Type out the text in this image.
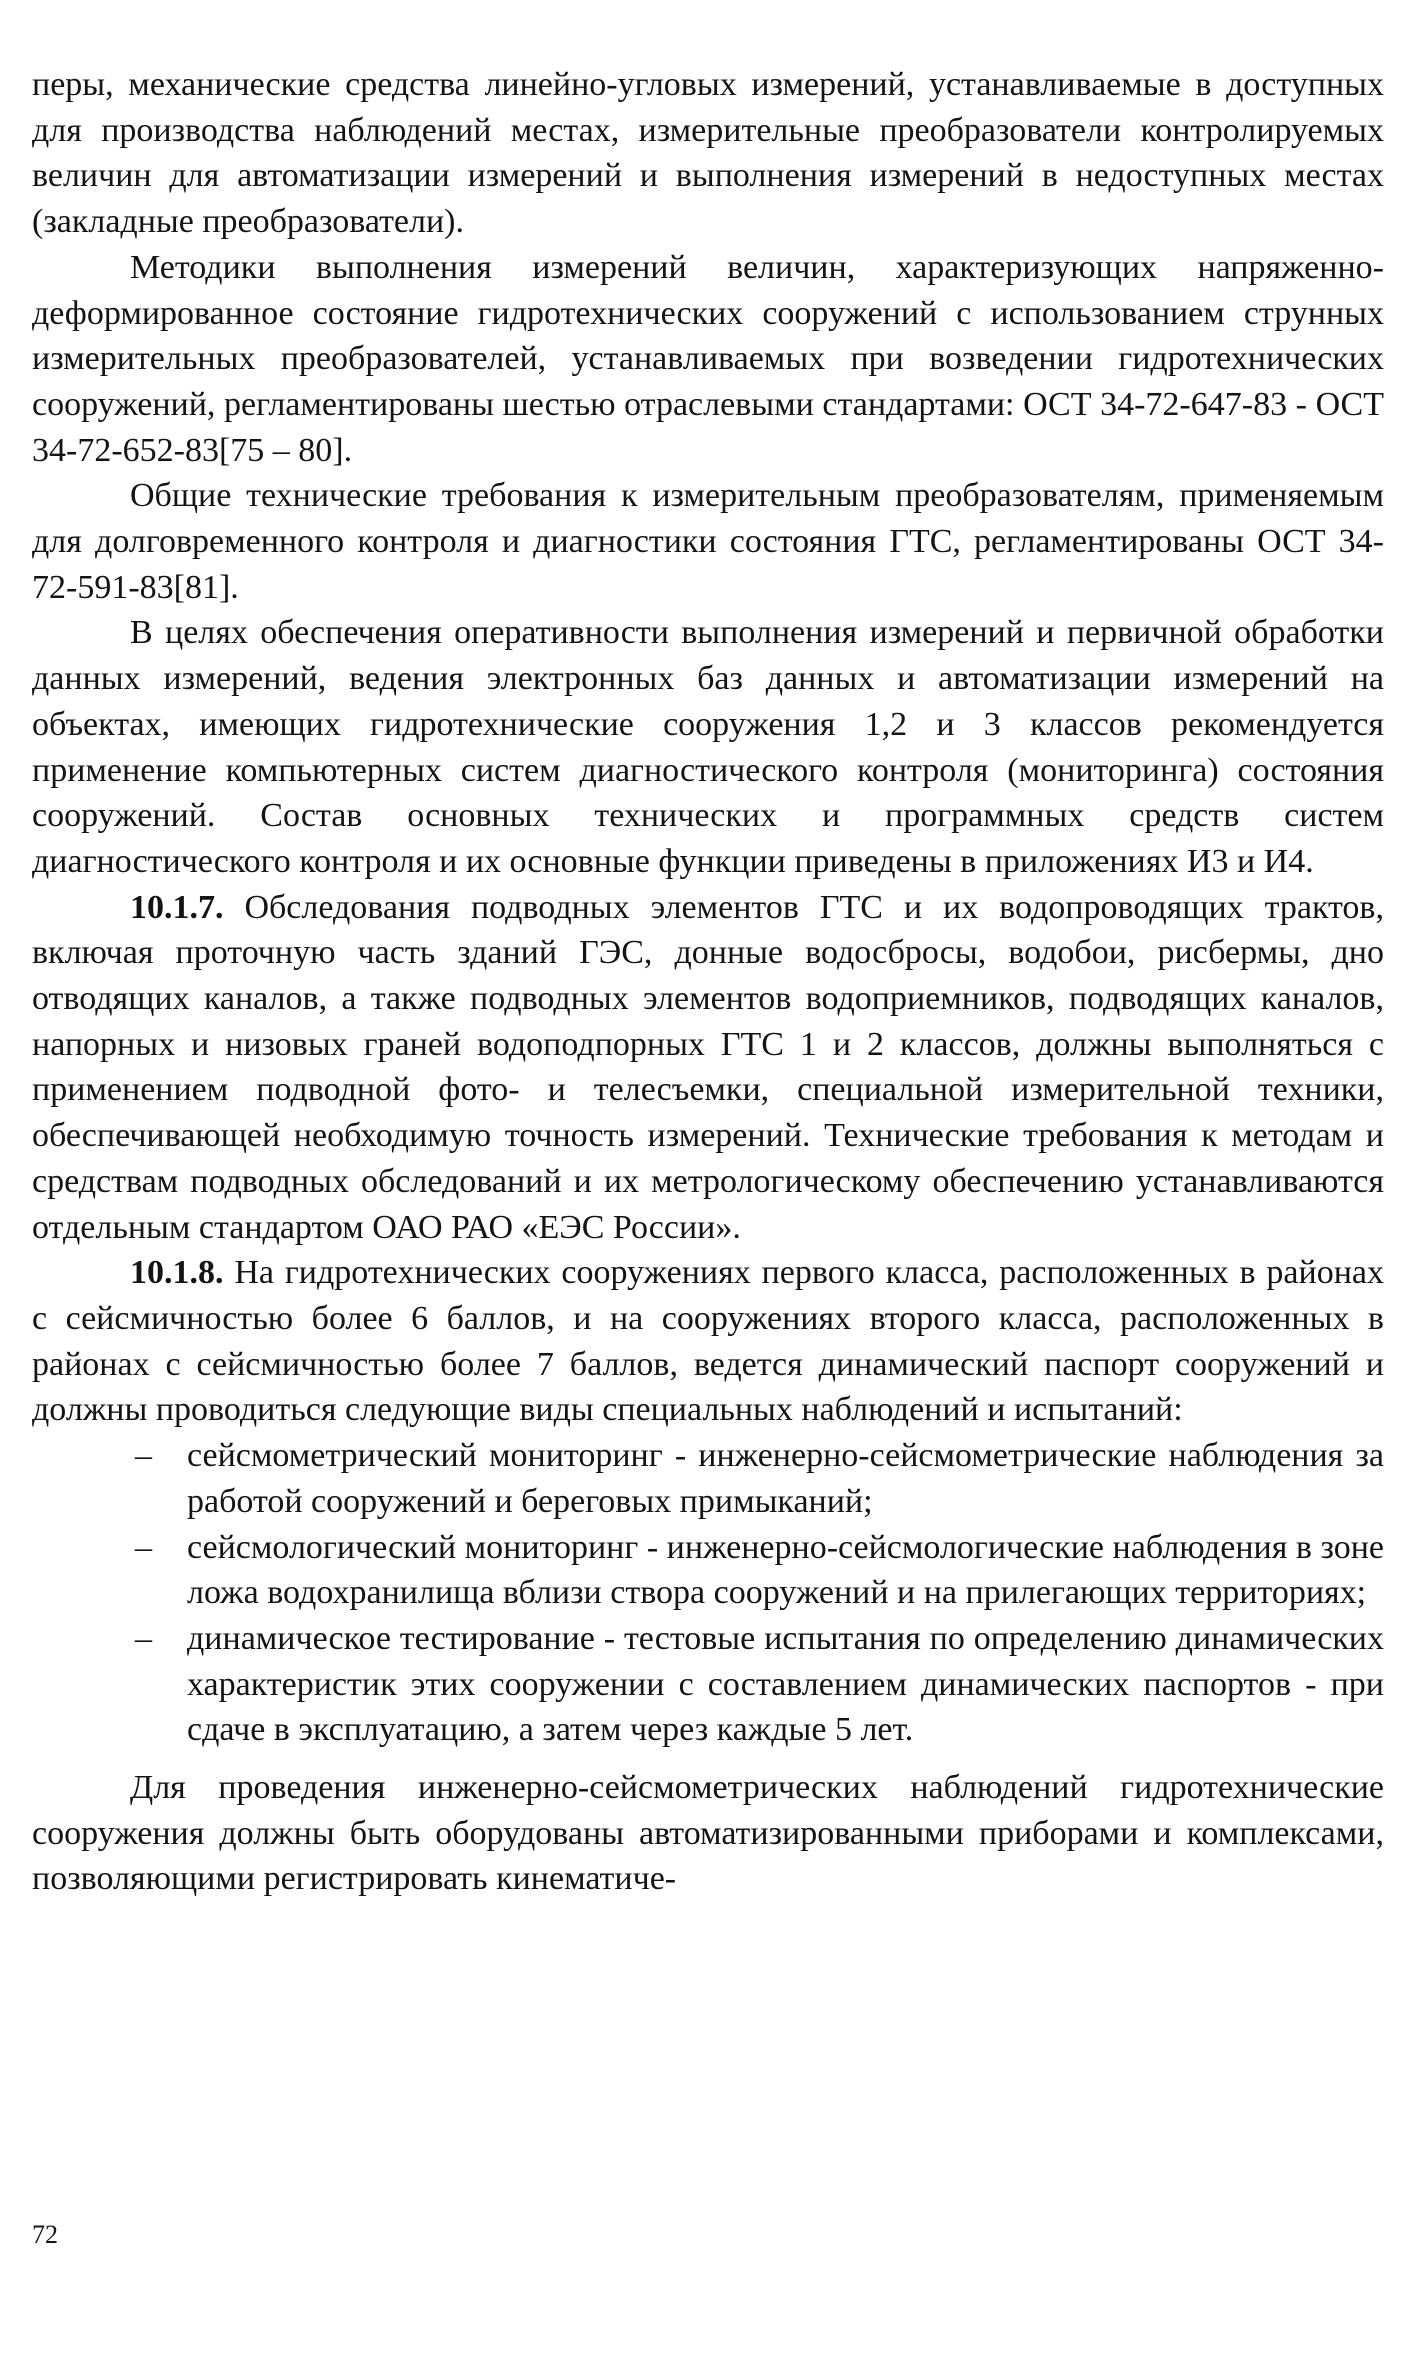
перы, механические средства линейно-угловых измерений, устанавливаемые в доступных для производства наблюдений местах, измерительные преобразователи контролируемых величин для автоматизации измерений и выполнения измерений в недоступных местах (закладные преобразователи).

Методики выполнения измерений величин, характеризующих напряженно-деформированное состояние гидротехнических сооружений с использованием струнных измерительных преобразователей, устанавливаемых при возведении гидротехнических сооружений, регламентированы шестью отраслевыми стандартами: ОСТ 34-72-647-83 - ОСТ 34-72-652-83[75 – 80].

Общие технические требования к измерительным преобразователям, применяемым для долговременного контроля и диагностики состояния ГТС, регламентированы ОСТ 34-72-591-83[81].

В целях обеспечения оперативности выполнения измерений и первичной обработки данных измерений, ведения электронных баз данных и автоматизации измерений на объектах, имеющих гидротехнические сооружения 1,2 и 3 классов рекомендуется применение компьютерных систем диагностического контроля (мониторинга) состояния сооружений. Состав основных технических и программных средств систем диагностического контроля и их основные функции приведены в приложениях И3 и И4.

10.1.7. Обследования подводных элементов ГТС и их водопроводящих трактов, включая проточную часть зданий ГЭС, донные водосбросы, водобои, рисбермы, дно отводящих каналов, а также подводных элементов водоприемников, подводящих каналов, напорных и низовых граней водоподпорных ГТС 1 и 2 классов, должны выполняться с применением подводной фото- и телесъемки, специальной измерительной техники, обеспечивающей необходимую точность измерений. Технические требования к методам и средствам подводных обследований и их метрологическому обеспечению устанавливаются отдельным стандартом ОАО РАО «ЕЭС России».

10.1.8. На гидротехнических сооружениях первого класса, расположенных в районах с сейсмичностью более 6 баллов, и на сооружениях второго класса, расположенных в районах с сейсмичностью более 7 баллов, ведется динамический паспорт сооружений и должны проводиться следующие виды специальных наблюдений и испытаний:

– сейсмометрический мониторинг - инженерно-сейсмометрические наблюдения за работой сооружений и береговых примыканий;
– сейсмологический мониторинг - инженерно-сейсмологические наблюдения в зоне ложа водохранилища вблизи створа сооружений и на прилегающих территориях;
– динамическое тестирование - тестовые испытания по определению динамических характеристик этих сооружении с составлением динамических паспортов - при сдаче в эксплуатацию, а затем через каждые 5 лет.

Для проведения инженерно-сейсмометрических наблюдений гидротехнические сооружения должны быть оборудованы автоматизированными приборами и комплексами, позволяющими регистрировать кинематиче-

72
